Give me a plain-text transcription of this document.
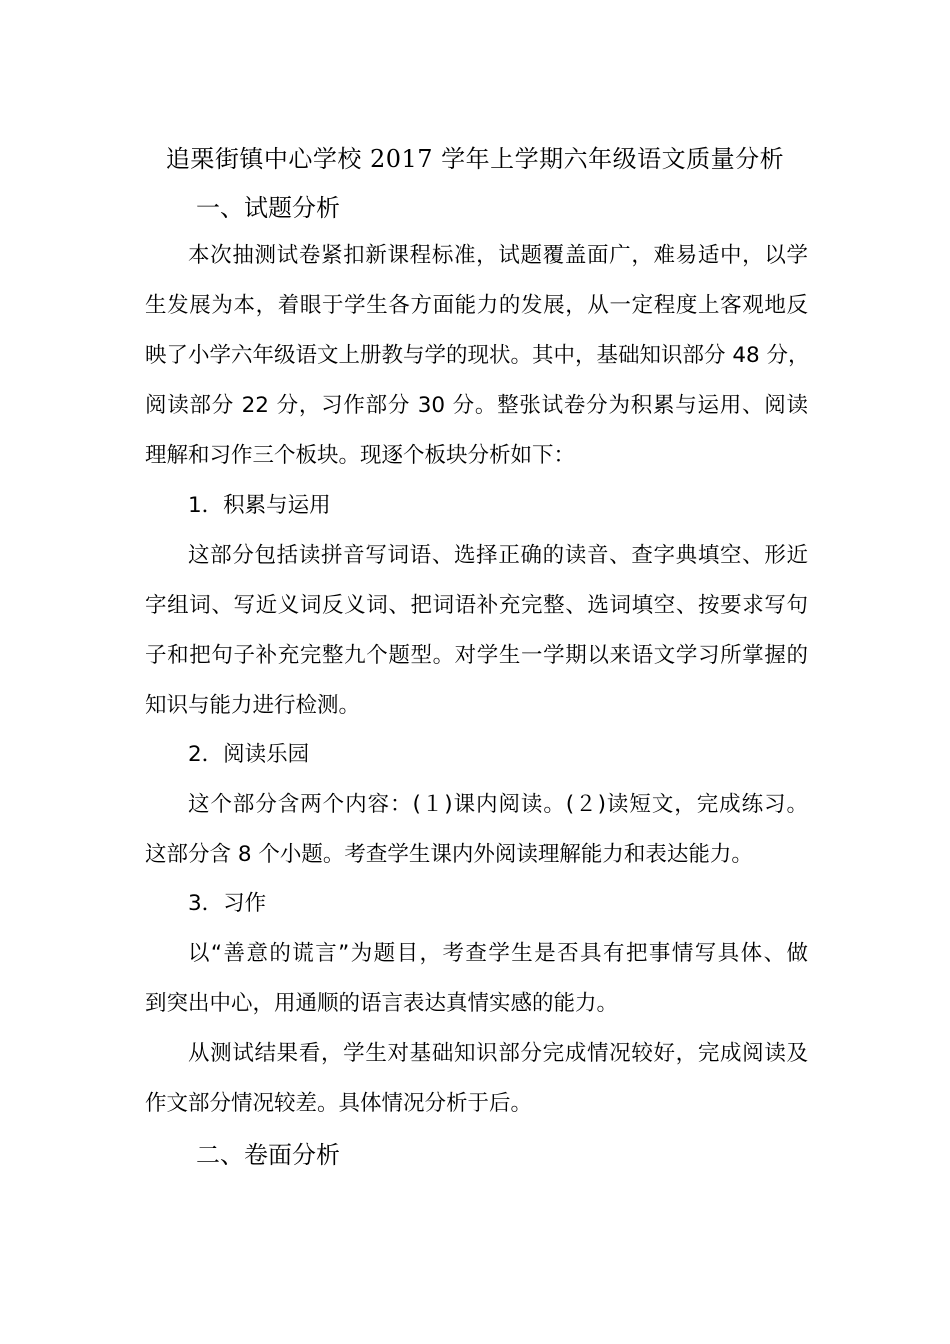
追栗街镇中心学校 2017 学年上学期六年级语文质量分析
一、试题分析
本次抽测试卷紧扣新课程标准，试题覆盖面广，难易适中，以学
生发展为本，着眼于学生各方面能力的发展，从一定程度上客观地反
映了小学六年级语文上册教与学的现状。其中，基础知识部分 48 分，
阅读部分 22 分，习作部分 30 分。整张试卷分为积累与运用、阅读
理解和习作三个板块。现逐个板块分析如下：
1．积累与运用
这部分包括读拼音写词语、选择正确的读音、查字典填空、形近
字组词、写近义词反义词、把词语补充完整、选词填空、按要求写句
子和把句子补充完整九个题型。对学生一学期以来语文学习所掌握的
知识与能力进行检测。
2．阅读乐园
这个部分含两个内容：(１)课内阅读。(２)读短文，完成练习。
这部分含 8 个小题。考查学生课内外阅读理解能力和表达能力。
3．习作
以“善意的谎言”为题目，考查学生是否具有把事情写具体、做
到突出中心，用通顺的语言表达真情实感的能力。
从测试结果看，学生对基础知识部分完成情况较好，完成阅读及
作文部分情况较差。具体情况分析于后。
二、卷面分析
